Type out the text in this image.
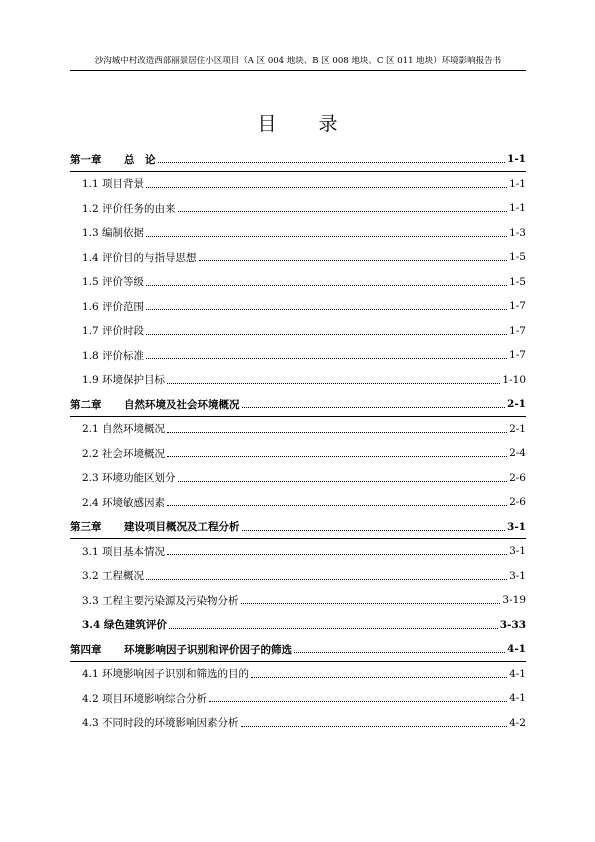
沙沟城中村改造西部丽景居住小区项目（A 区 004 地块、B 区 008 地块、C 区 011 地块）环境影响报告书
目 录
第一章 总　论	1-1
1.1 项目背景	1-1
1.2 评价任务的由来	1-1
1.3 编制依据	1-3
1.4 评价目的与指导思想	1-5
1.5 评价等级	1-5
1.6 评价范围	1-7
1.7 评价时段	1-7
1.8 评价标准	1-7
1.9 环境保护目标	1-10
第二章 自然环境及社会环境概况	2-1
2.1 自然环境概况	2-1
2.2 社会环境概况	2-4
2.3 环境功能区划分	2-6
2.4 环境敏感因素	2-6
第三章 建设项目概况及工程分析	3-1
3.1 项目基本情况	3-1
3.2 工程概况	3-1
3.3 工程主要污染源及污染物分析	3-19
3.4 绿色建筑评价	3-33
第四章 环境影响因子识别和评价因子的筛选	4-1
4.1 环境影响因子识别和筛选的目的	4-1
4.2 项目环境影响综合分析	4-1
4.3 不同时段的环境影响因素分析	4-2
